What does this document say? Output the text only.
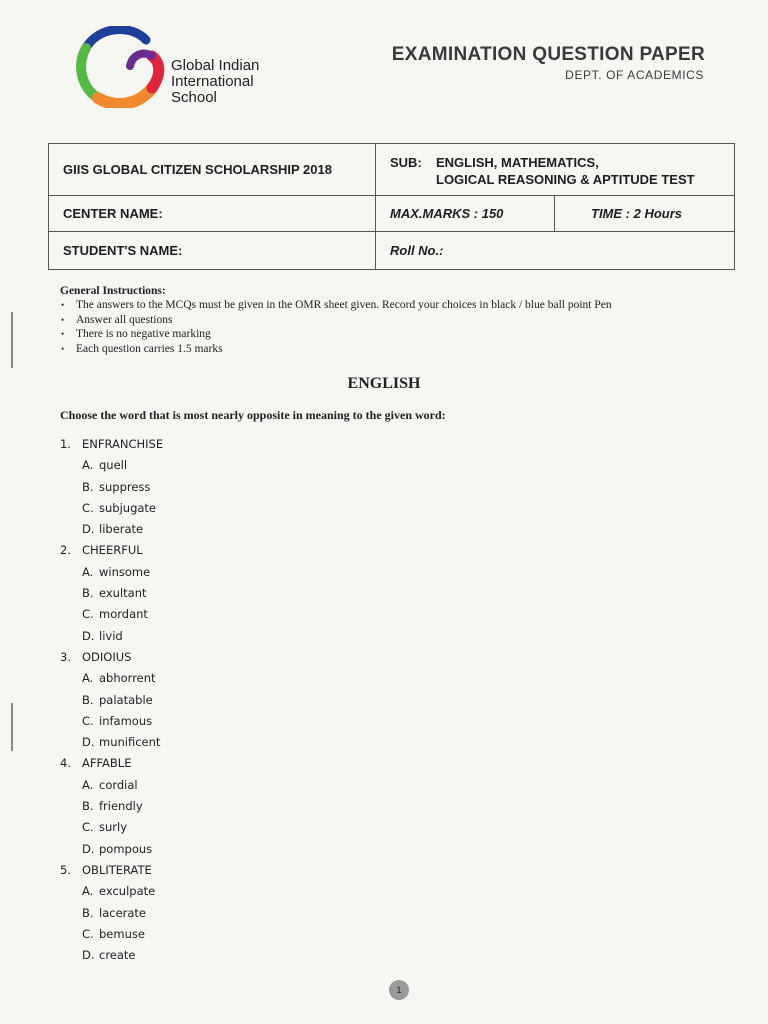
Global Indian
International
School
EXAMINATION QUESTION PAPER
DEPT. OF ACADEMICS
GIIS GLOBAL CITIZEN SCHOLARSHIP 2018	SUB: ENGLISH, MATHEMATICS,
LOGICAL REASONING & APTITUDE TEST	

CENTER NAME:	MAX.MARKS : 150	TIME : 2 Hours
STUDENT'S NAME:	Roll No.:	
General Instructions:
• The answers to the MCQs must be given in the OMR sheet given. Record your choices in black / blue ball point Pen
• Answer all questions
• There is no negative marking
• Each question carries 1.5 marks
ENGLISH
Choose the word that is most nearly opposite in meaning to the given word:
1. ENFRANCHISE
A. quell
B. suppress
C. subjugate
D. liberate
2. CHEERFUL
A. winsome
B. exultant
C. mordant
D. livid
3. ODIOIUS
A. abhorrent
B. palatable
C. infamous
D. munificent
4. AFFABLE
A. cordial
B. friendly
C. surly
D. pompous
5. OBLITERATE
A. exculpate
B. lacerate
C. bemuse
D. create
1
